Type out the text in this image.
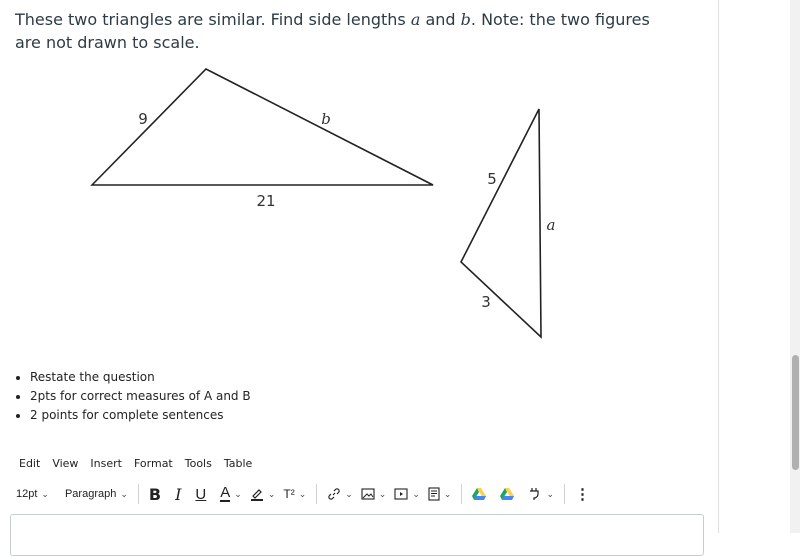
These two triangles are similar. Find side lengths a and b. Note: the two figures are not drawn to scale.
9	b
21
5
a
3
• Restate the question
• 2pts for correct measures of A and B
• 2 points for complete sentences
Edit View Insert Format Tools Table
12pt ⌄ Paragraph ⌄ B I U A ⌄	⌄ T² ⌄	⌄	⌄	⌄	⌄	⌄ ⋮
